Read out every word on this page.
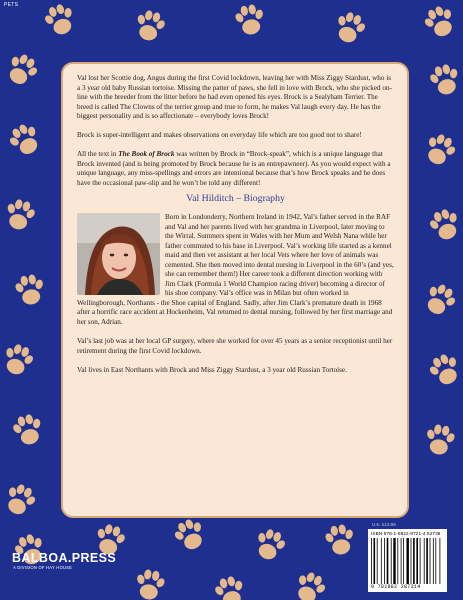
PETS

Val lost her Scottie dog, Angus during the first Covid lockdown, leaving her with Miss Ziggy Stardust, who is a 3 year old baby Russian tortoise. Missing the patter of paws, she fell in love with Brock, who she picked on-line with the breeder from the litter before he had even opened his eyes. Brock is a Sealyham Terrier. The breed is called The Clowns of the terrier group and true to form, he makes Val laugh every day. He has the biggest personality and is so affectionate – everybody loves Brock!

Brock is super-intelligent and makes observations on everyday life which are too good not to share!

All the text in The Book of Brock was written by Brock in “Brock-speak”, which is a unique language that Brock invented (and is being promoted by Brock because he is an entrepawneer). As you would expect with a unique language, any miss-spellings and errors are intentional because that’s how Brock speaks and he does have the occasional paw-slip and he won’t be told any different!

Val Hilditch – Biography

Born in Londonderry, Northern Ireland in 1942, Val’s father served in the RAF and Val and her parents lived with her grandma in Liverpool, later moving to the Wirral. Summers spent in Wales with her Mum and Welsh Nana while her father commuted to his base in Liverpool. Val’s working life started as a kennel maid and then vet assistant at her local Vets where her love of animals was cemented. She then moved into dental nursing in Liverpool in the 60’s (and yes, she can remember them!) Her career took a different direction working with Jim Clark (Formula 1 World Champion racing driver) becoming a director of his shoe company. Val’s office was in Milan but often worked in Wellingborough, Northants - the Shoe capital of England. Sadly, after Jim Clark’s premature death in 1968 after a horrific race accident at Hockenheim, Val returned to dental nursing, followed by her first marriage and her son, Adrian.

Val’s last job was at her local GP surgery, where she worked for over 45 years as a senior receptionist until her retirement during the first Covid lockdown.

Val lives in East Northants with Brock and Miss Ziggy Stardust, a 3 year old Russian Tortoise.

BALBOA.PRESS
A DIVISION OF HAY HOUSE
U.K. £13.99
ISBN 978-1-9822-8721-4 52738
9 781982 287214
